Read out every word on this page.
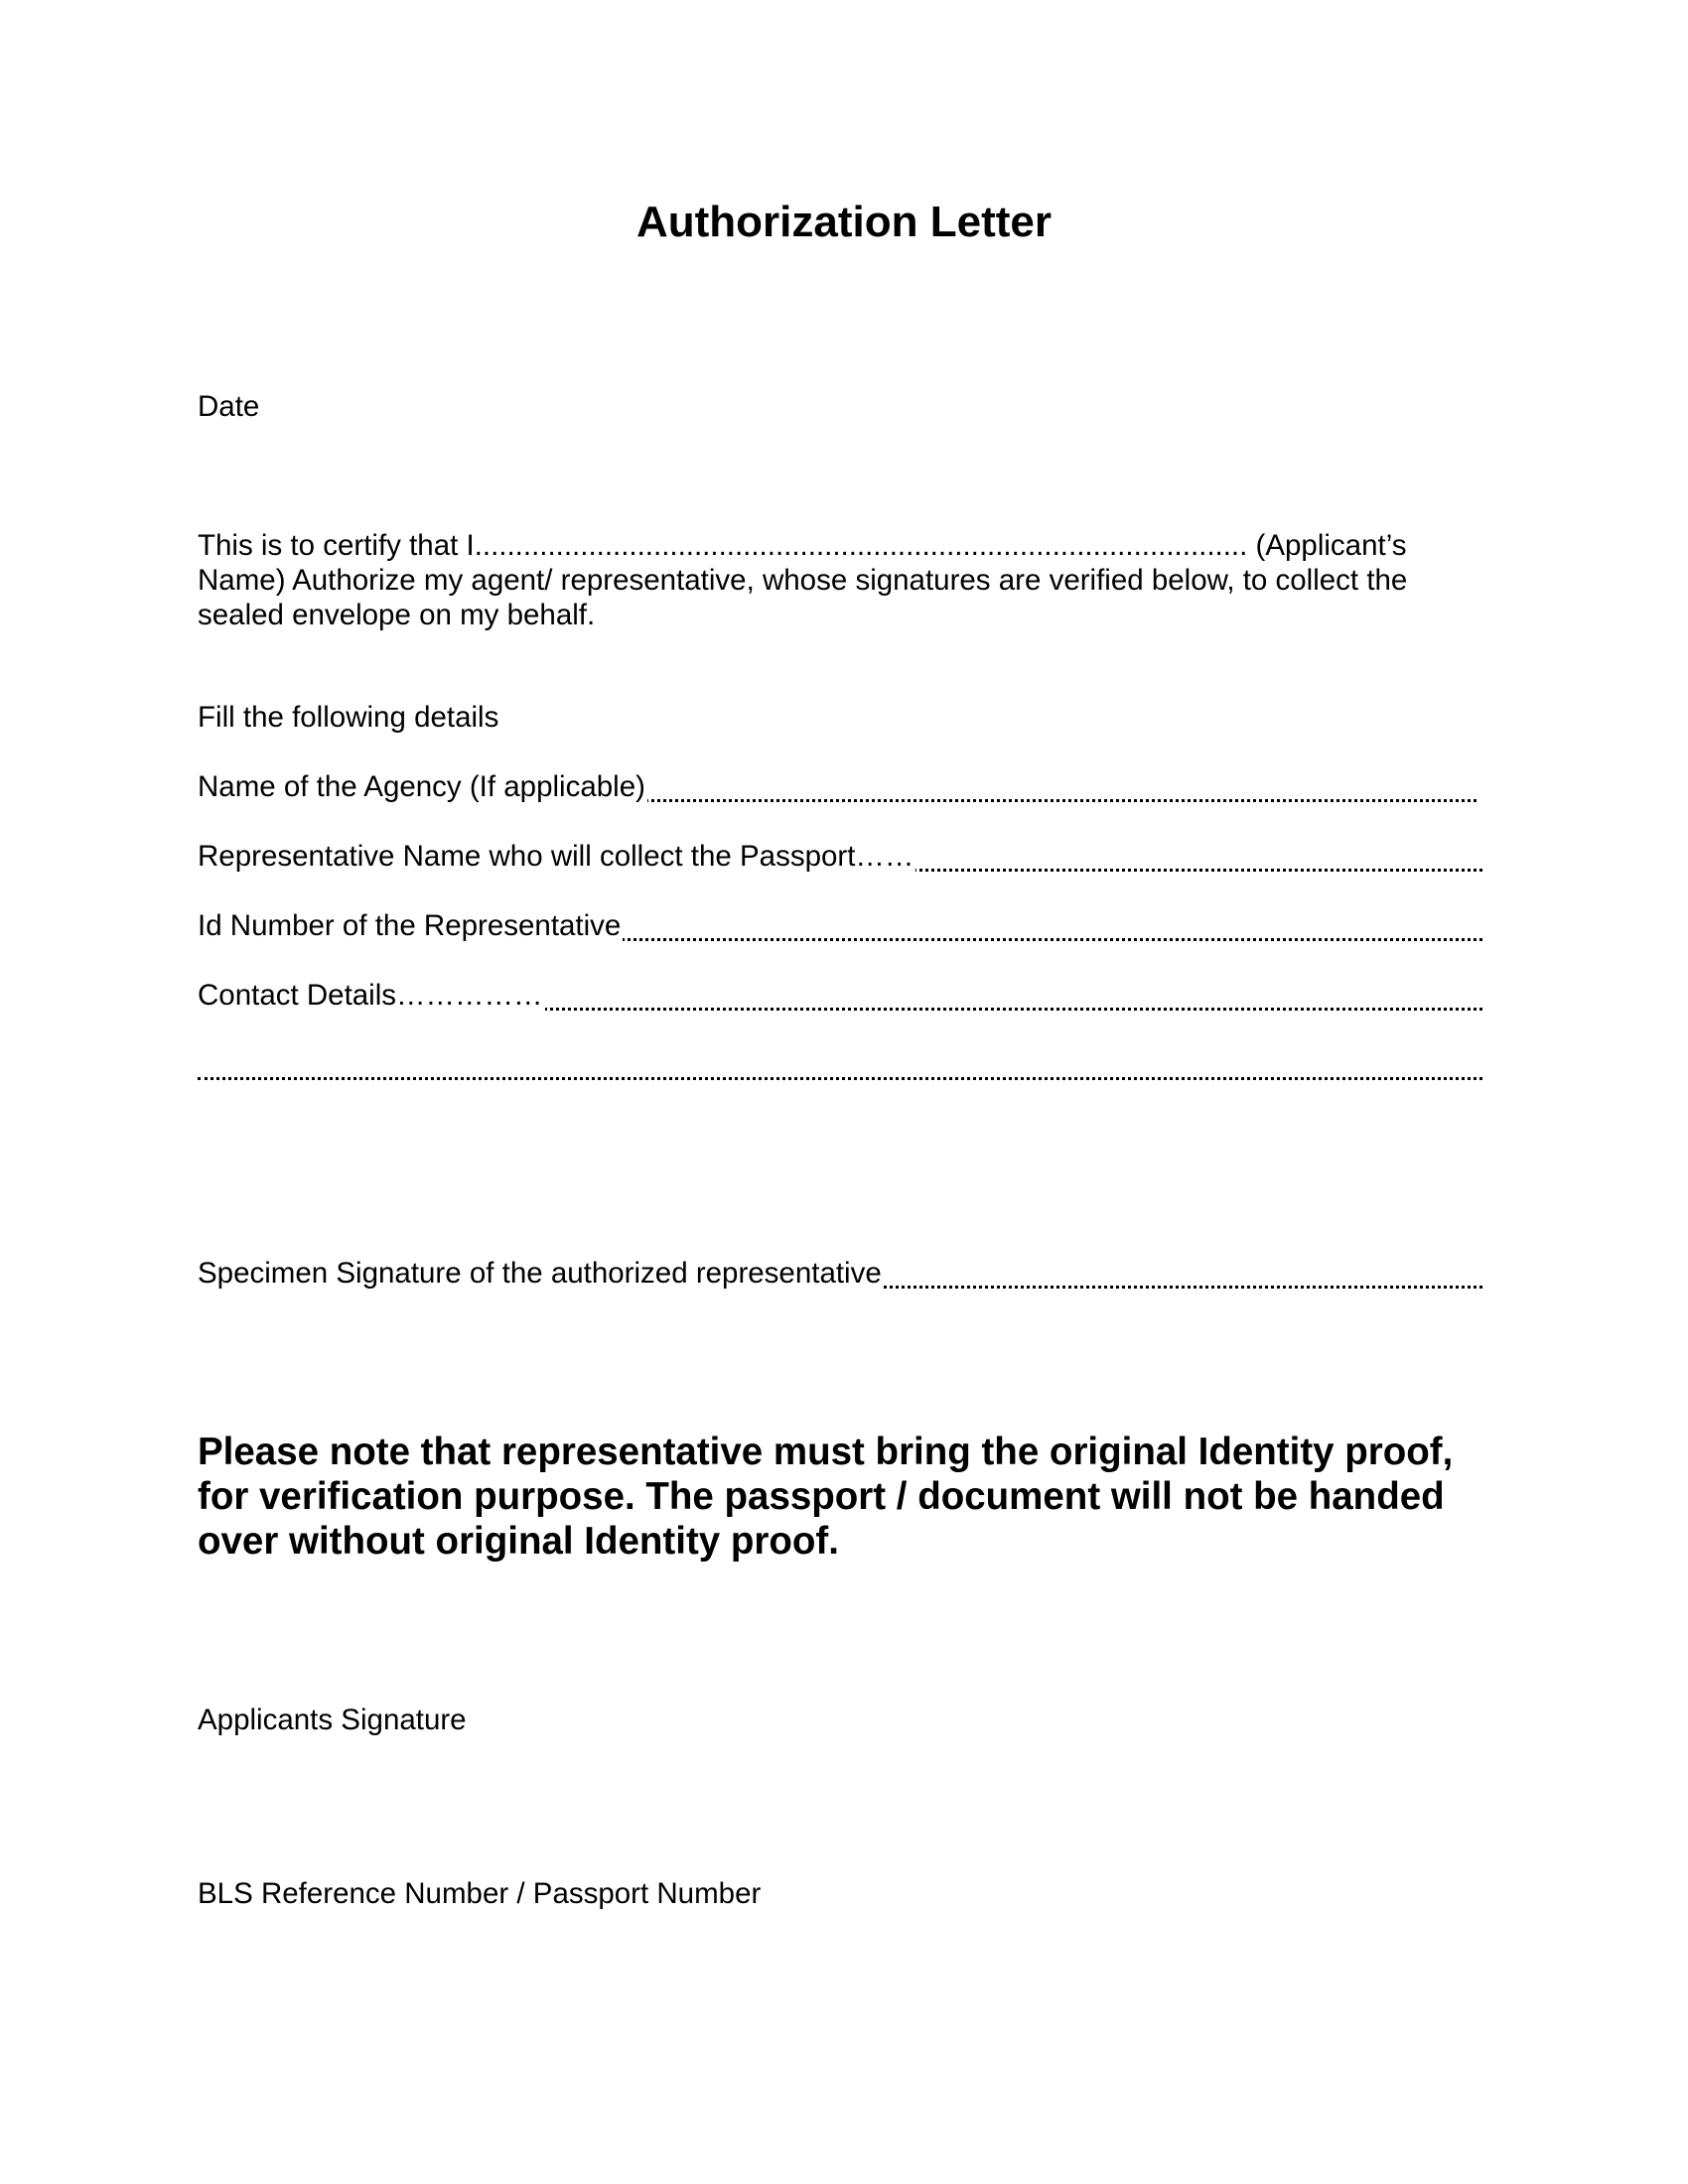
Authorization Letter
Date
This is to certify that I............................................................................................... (Applicant’s
Name) Authorize my agent/ representative, whose signatures are verified below, to collect the
sealed envelope on my behalf.
Fill the following details
Name of the Agency (If applicable)
Representative Name who will collect the Passport……
Id Number of the Representative
Contact Details……………
Specimen Signature of the authorized representative
Please note that representative must bring the original Identity proof,
for verification purpose. The passport / document will not be handed
over without original Identity proof.
Applicants Signature
BLS Reference Number / Passport Number
